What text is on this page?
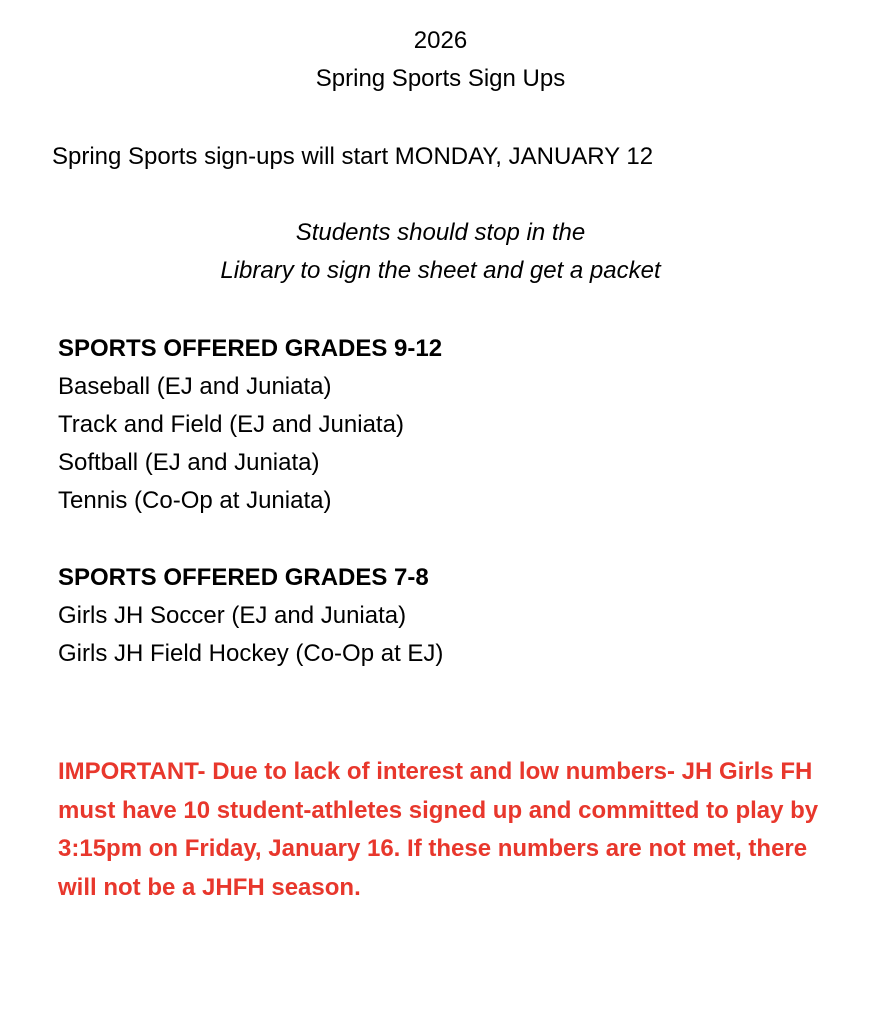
2026
Spring Sports Sign Ups
Spring Sports sign-ups will start MONDAY, JANUARY 12
Students should stop in the
Library to sign the sheet and get a packet
SPORTS OFFERED GRADES 9-12
Baseball (EJ and Juniata)
Track and Field (EJ and Juniata)
Softball (EJ and Juniata)
Tennis (Co-Op at Juniata)
SPORTS OFFERED GRADES 7-8
Girls JH Soccer (EJ and Juniata)
Girls JH Field Hockey (Co-Op at EJ)
IMPORTANT- Due to lack of interest and low numbers- JH Girls FH must have 10 student-athletes signed up and committed to play by 3:15pm on Friday, January 16. If these numbers are not met, there will not be a JHFH season.
